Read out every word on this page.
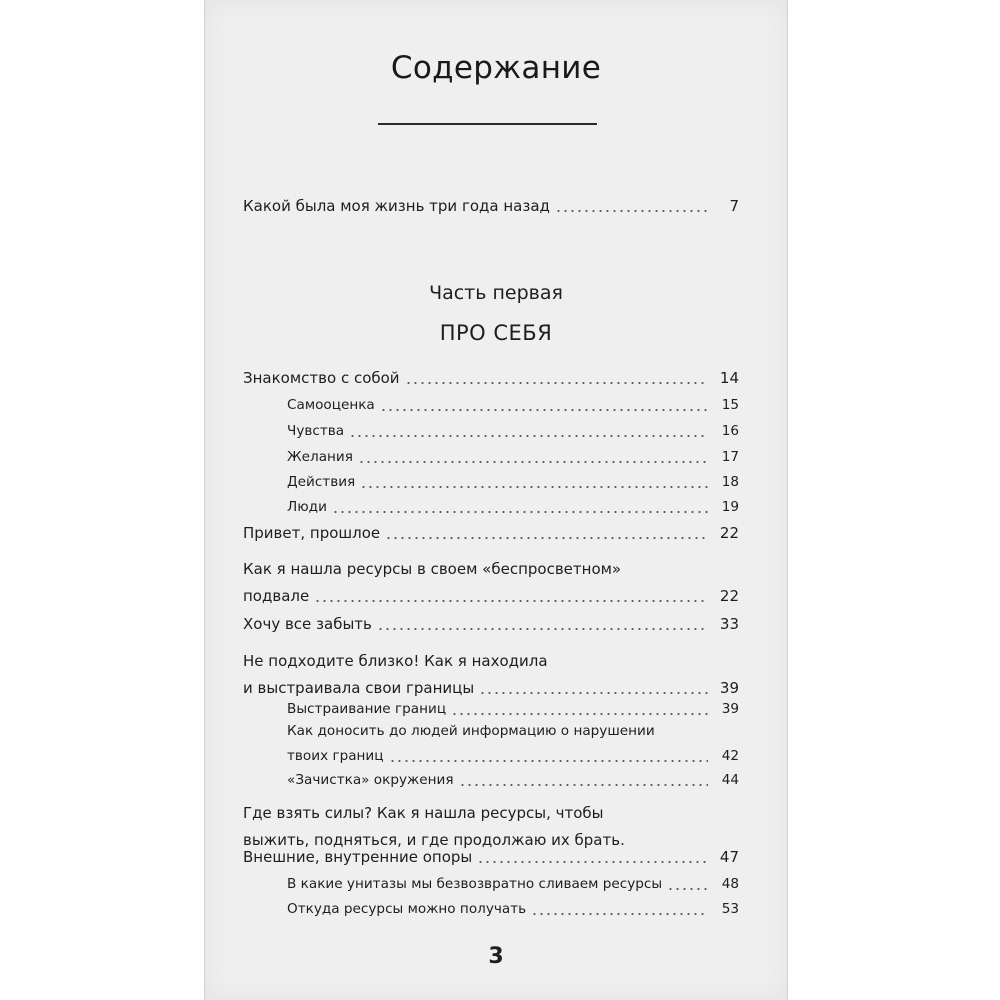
Содержание
Какой была моя жизнь три года назад	7
Часть первая
ПРО СЕБЯ
Знакомство с собой	14
Самооценка	15
Чувства	16
Желания	17
Действия	18
Люди	19
Привет, прошлое	22
Как я нашла ресурсы в своем «беспросветном»
подвале	22
Хочу все забыть	33
Не подходите близко! Как я находила
и выстраивала свои границы	39
Выстраивание границ	39
Как доносить до людей информацию о нарушении
твоих границ	42
«Зачистка» окружения	44
Где взять силы? Как я нашла ресурсы, чтобы
выжить, подняться, и где продолжаю их брать.
Внешние, внутренние опоры	47
В какие унитазы мы безвозвратно сливаем ресурсы	48
Откуда ресурсы можно получать	53
3
